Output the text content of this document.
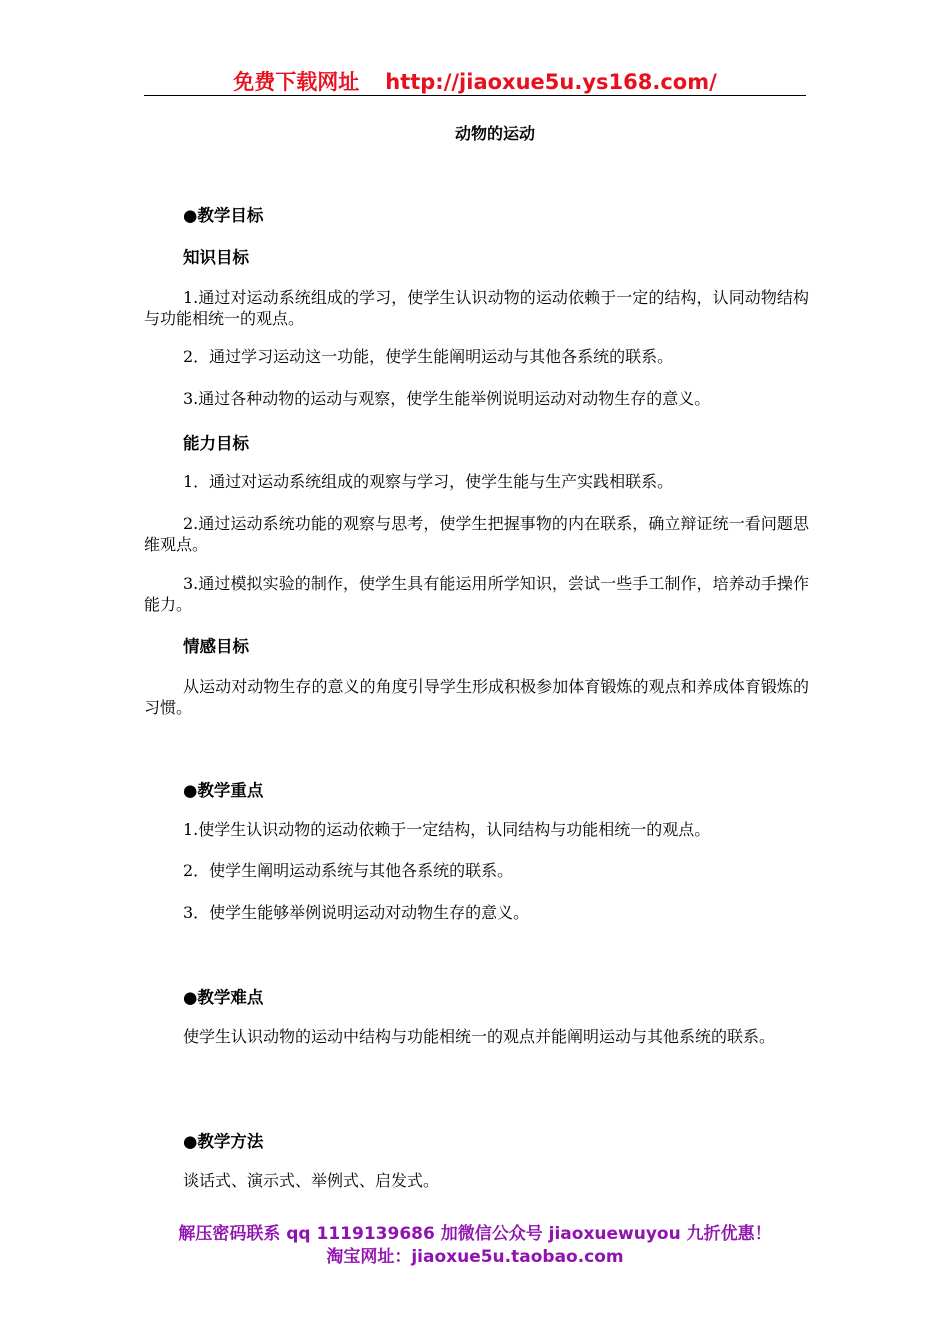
免费下载网址 http://jiaoxue5u.ys168.com/
动物的运动
●教学目标
知识目标
1.通过对运动系统组成的学习，使学生认识动物的运动依赖于一定的结构，认同动物结构与功能相统一的观点。
2．通过学习运动这一功能，使学生能阐明运动与其他各系统的联系。
3.通过各种动物的运动与观察，使学生能举例说明运动对动物生存的意义。
能力目标
1．通过对运动系统组成的观察与学习，使学生能与生产实践相联系。
2.通过运动系统功能的观察与思考，使学生把握事物的内在联系，确立辩证统一看问题思维观点。
3.通过模拟实验的制作，使学生具有能运用所学知识，尝试一些手工制作，培养动手操作能力。
情感目标
从运动对动物生存的意义的角度引导学生形成积极参加体育锻炼的观点和养成体育锻炼的习惯。
●教学重点
1.使学生认识动物的运动依赖于一定结构，认同结构与功能相统一的观点。
2．使学生阐明运动系统与其他各系统的联系。
3．使学生能够举例说明运动对动物生存的意义。
●教学难点
使学生认识动物的运动中结构与功能相统一的观点并能阐明运动与其他系统的联系。
●教学方法
谈话式、演示式、举例式、启发式。
解压密码联系 qq 1119139686 加微信公众号 jiaoxuewuyou 九折优惠！
淘宝网址：jiaoxue5u.taobao.com
